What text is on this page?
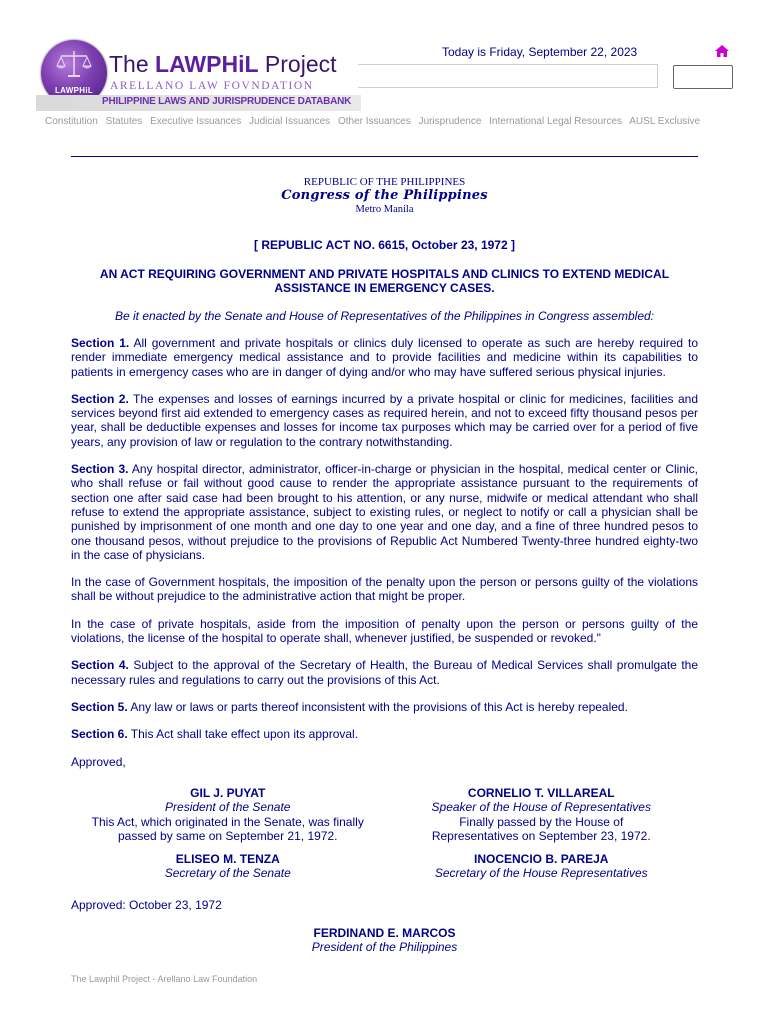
LAWPHiL
The LAWPHiL Project
ARELLANO LAW FOVNDATION
PHILIPPINE LAWS AND JURISPRUDENCE DATABANK
Today is Friday, September 22, 2023
Constitution Statutes Executive Issuances Judicial Issuances Other Issuances Jurisprudence International Legal Resources AUSL Exclusive
REPUBLIC OF THE PHILIPPINES
Congress of the Philippines
Metro Manila
[ REPUBLIC ACT NO. 6615, October 23, 1972 ]
AN ACT REQUIRING GOVERNMENT AND PRIVATE HOSPITALS AND CLINICS TO EXTEND MEDICAL ASSISTANCE IN EMERGENCY CASES.
Be it enacted by the Senate and House of Representatives of the Philippines in Congress assembled:
Section 1. All government and private hospitals or clinics duly licensed to operate as such are hereby required to render immediate emergency medical assistance and to provide facilities and medicine within its capabilities to patients in emergency cases who are in danger of dying and/or who may have suffered serious physical injuries.
Section 2. The expenses and losses of earnings incurred by a private hospital or clinic for medicines, facilities and services beyond first aid extended to emergency cases as required herein, and not to exceed fifty thousand pesos per year, shall be deductible expenses and losses for income tax purposes which may be carried over for a period of five years, any provision of law or regulation to the contrary notwithstanding.
Section 3. Any hospital director, administrator, officer-in-charge or physician in the hospital, medical center or Clinic, who shall refuse or fail without good cause to render the appropriate assistance pursuant to the requirements of section one after said case had been brought to his attention, or any nurse, midwife or medical attendant who shall refuse to extend the appropriate assistance, subject to existing rules, or neglect to notify or call a physician shall be punished by imprisonment of one month and one day to one year and one day, and a fine of three hundred pesos to one thousand pesos, without prejudice to the provisions of Republic Act Numbered Twenty-three hundred eighty-two in the case of physicians.
In the case of Government hospitals, the imposition of the penalty upon the person or persons guilty of the violations shall be without prejudice to the administrative action that might be proper.
In the case of private hospitals, aside from the imposition of penalty upon the person or persons guilty of the violations, the license of the hospital to operate shall, whenever justified, be suspended or revoked."
Section 4. Subject to the approval of the Secretary of Health, the Bureau of Medical Services shall promulgate the necessary rules and regulations to carry out the provisions of this Act.
Section 5. Any law or laws or parts thereof inconsistent with the provisions of this Act is hereby repealed.
Section 6. This Act shall take effect upon its approval.
Approved,
GIL J. PUYAT
President of the Senate
This Act, which originated in the Senate, was finally passed by same on September 21, 1972.
ELISEO M. TENZA
Secretary of the Senate
CORNELIO T. VILLAREAL
Speaker of the House of Representatives
Finally passed by the House of Representatives on September 23, 1972.
INOCENCIO B. PAREJA
Secretary of the House Representatives
Approved: October 23, 1972
FERDINAND E. MARCOS
President of the Philippines
The Lawphil Project - Arellano Law Foundation
